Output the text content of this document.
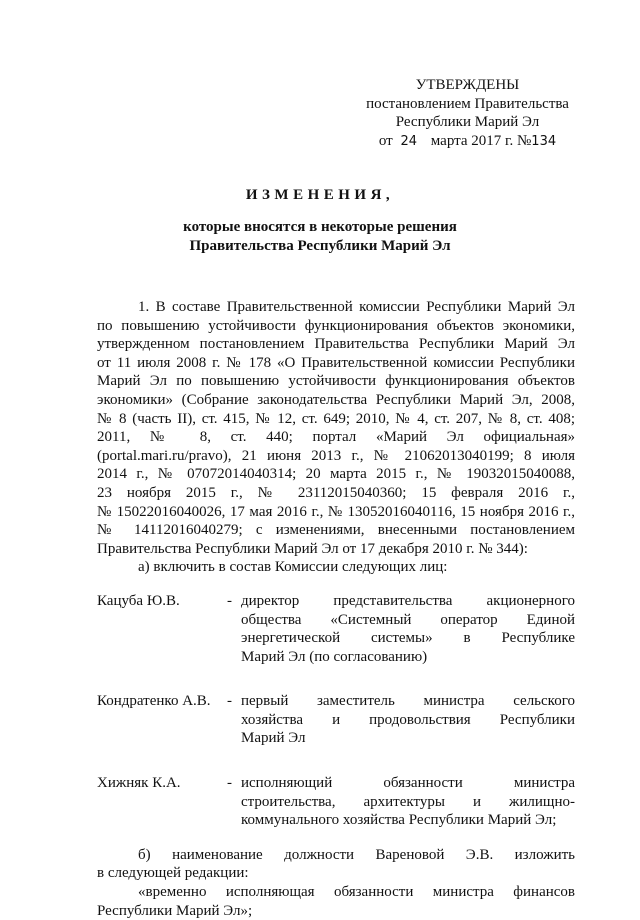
УТВЕРЖДЕНЫ
постановлением Правительства
Республики Марий Эл
от 24 марта 2017 г. №134
ИЗМЕНЕНИЯ,
которые вносятся в некоторые решения
Правительства Республики Марий Эл

1. В составе Правительственной комиссии Республики Марий Эл

по повышению устойчивости функционирования объектов экономики,

утвержденном постановлением Правительства Республики Марий Эл

от 11 июля 2008 г. № 178 «О Правительственной комиссии Республики

Марий Эл по повышению устойчивости функционирования объектов

экономики» (Собрание законодательства Республики Марий Эл, 2008,

№ 8 (часть II), ст. 415, № 12, ст. 649; 2010, № 4, ст. 207, № 8, ст. 408;

2011, № 8, ст. 440; портал «Марий Эл официальная»

(portal.mari.ru/pravo), 21 июня 2013 г., № 21062013040199; 8 июля

2014 г., № 07072014040314; 20 марта 2015 г., № 19032015040088,

23 ноября 2015 г., № 23112015040360; 15 февраля 2016 г.,

№ 15022016040026, 17 мая 2016 г., № 13052016040116, 15 ноября 2016 г.,

№ 14112016040279; с изменениями, внесенными постановлением

Правительства Республики Марий Эл от 17 декабря 2010 г. № 344):

а) включить в состав Комиссии следующих лиц:

Кацуба Ю.В.	- директор представительства акционерного
общества «Системный оператор Единой
энергетической системы» в Республике
Марий Эл (по согласованию)
Кондратенко А.В.	- первый заместитель министра сельского
хозяйства и продовольствия Республики
Марий Эл
Хижняк К.А.	- исполняющий обязанности министра
строительства, архитектуры и жилищно-
коммунального хозяйства Республики Марий Эл;

б) наименование должности Вареновой Э.В. изложить

в следующей редакции:

«временно исполняющая обязанности министра финансов

Республики Марий Эл»;
